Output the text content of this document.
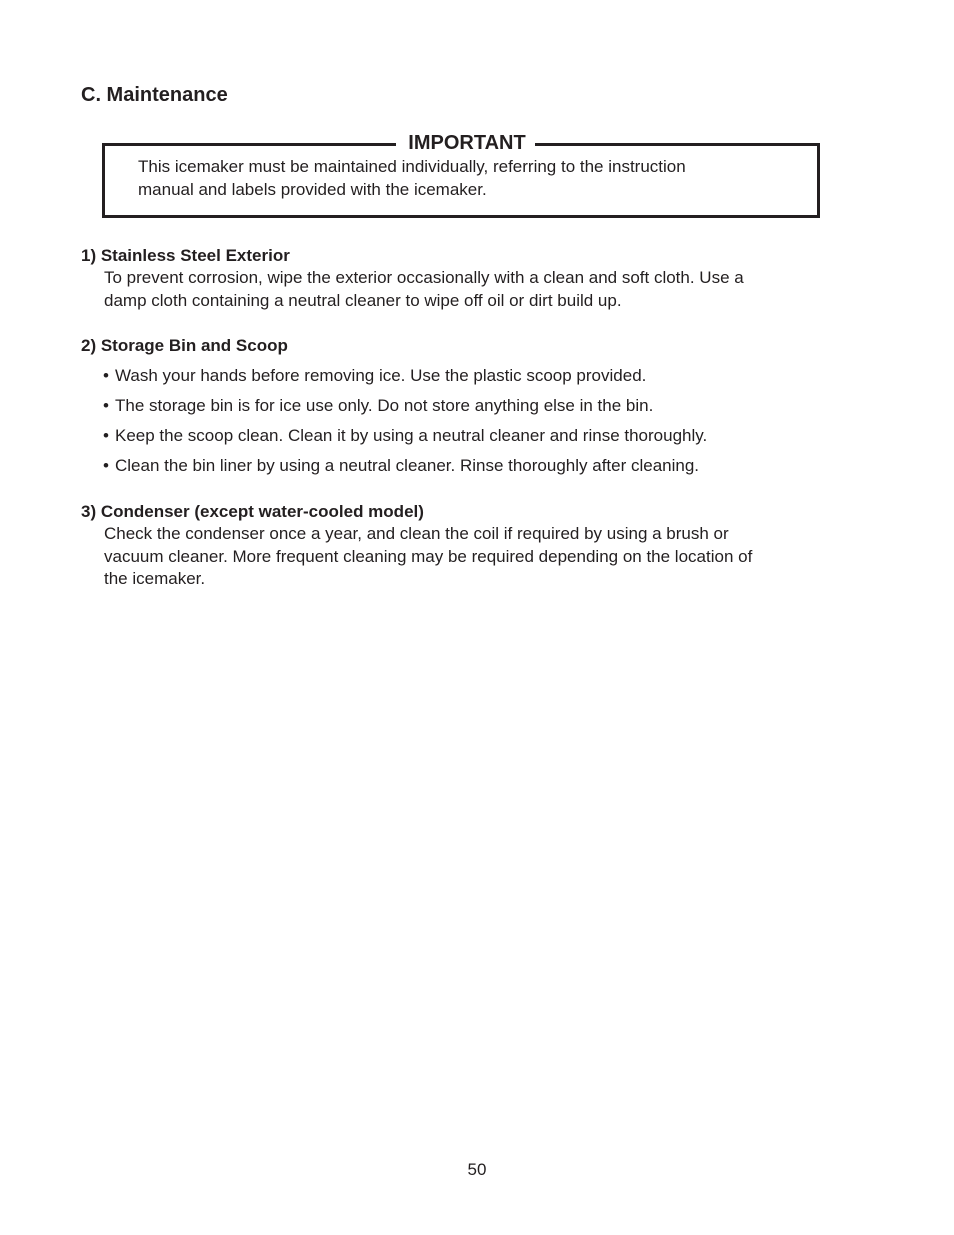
C. Maintenance
IMPORTANT

This icemaker must be maintained individually, referring to the instruction
manual and labels provided with the icemaker.

1) Stainless Steel Exterior

To prevent corrosion, wipe the exterior occasionally with a clean and soft cloth. Use a
damp cloth containing a neutral cleaner to wipe off oil or dirt build up.

2) Storage Bin and Scoop

• Wash your hands before removing ice. Use the plastic scoop provided.
• The storage bin is for ice use only. Do not store anything else in the bin.
• Keep the scoop clean. Clean it by using a neutral cleaner and rinse thoroughly.
• Clean the bin liner by using a neutral cleaner. Rinse thoroughly after cleaning.

3) Condenser (except water-cooled model)

Check the condenser once a year, and clean the coil if required by using a brush or
vacuum cleaner. More frequent cleaning may be required depending on the location of
the icemaker.

50
